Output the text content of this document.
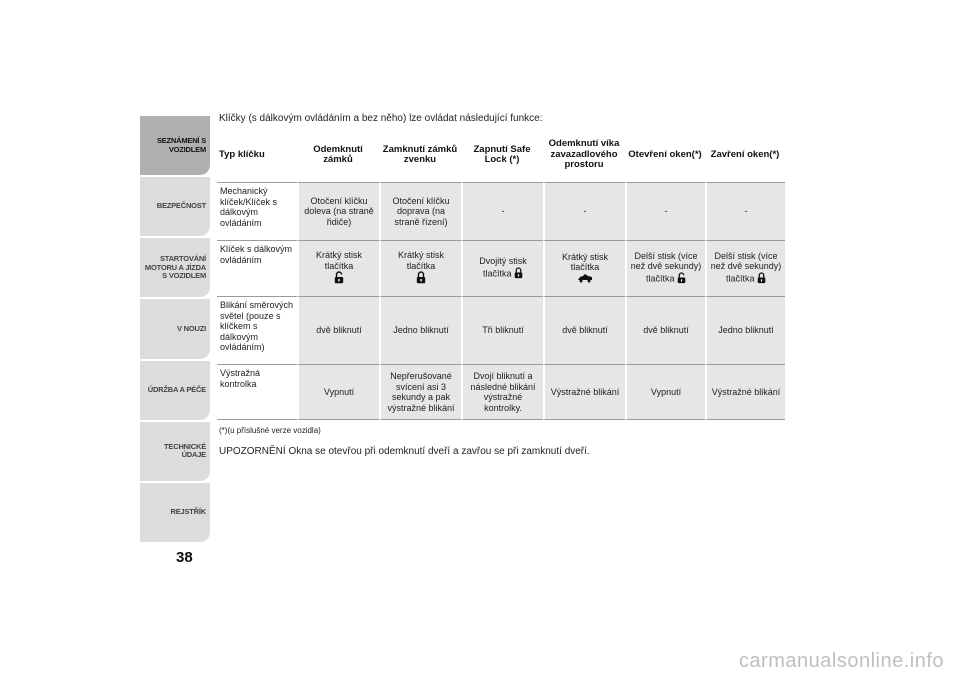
SEZNÁMENÍ S VOZIDLEM
BEZPEČNOST
STARTOVÁNÍ MOTORU A JÍZDA S VOZIDLEM
V NOUZI
ÚDRŽBA A PÉČE
TECHNICKÉ ÚDAJE
REJSTŘÍK
38
Klíčky (s dálkovým ovládáním a bez něho) lze ovládat následující funkce:
Typ klíčku	Odemknutí zámků	Zamknutí zámků zvenku	Zapnutí Safe Lock (*)	Odemknutí víka zavazadlového prostoru	Otevření oken(*)	Zavření oken(*)
Mechanický klíček/Klíček s dálkovým ovládáním	Otočení klíčku doleva (na straně řidiče)	Otočení klíčku doprava (na straně řízení)	-	-	-	-
Klíček s dálkovým ovládáním	Krátký stisk tlačítka	Krátký stisk tlačítka	Dvojitý stisk tlačítka	Krátký stisk tlačítka	Delší stisk (více než dvě sekundy) tlačítka	Delší stisk (více než dvě sekundy) tlačítka
Blikání směrových světel (pouze s klíčkem s dálkovým ovládáním)	dvě bliknutí	Jedno bliknutí	Tři bliknutí	dvě bliknutí	dvě bliknutí	Jedno bliknutí
Výstražná kontrolka	Vypnutí	Nepřerušované svícení asi 3 sekundy a pak výstražné blikání	Dvojí bliknutí a následné blikání výstražné kontrolky.	Výstražné blikání	Vypnutí	Výstražné blikání
(*)(u příslušné verze vozidla)
UPOZORNĚNÍ Okna se otevřou při odemknutí dveří a zavřou se při zamknutí dveří.
carmanualsonline.info
